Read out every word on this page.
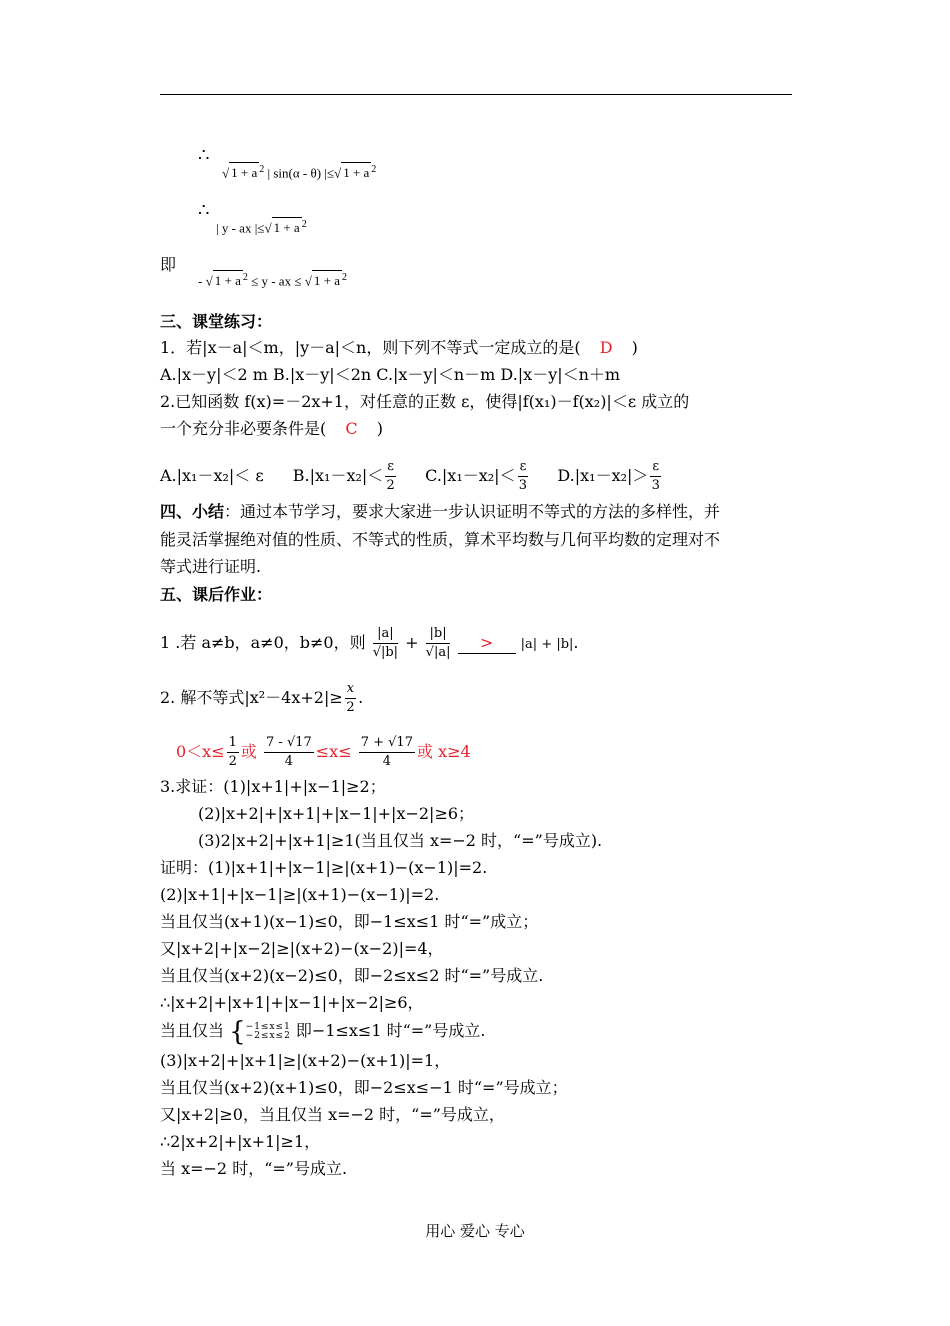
∴
√ 1 + a $^2$ | sin(α - θ) |≤√ 1 + a $^2$
∴
| y - ax |≤√ 1 + a $^2$
即
- √ 1 + a $^2$ ≤ y - ax ≤ √ 1 + a $^2$
三、课堂练习：
1．若|x－a|＜m，|y－a|＜n，则下列不等式一定成立的是( D )
A.|x－y|＜2 m B.|x－y|＜2n C.|x－y|＜n－m D.|x－y|＜n＋m
2.已知函数 f(x)=－2x+1，对任意的正数 ε，使得|f(x₁)－f(x₂)|＜ε 成立的
一个充分非必要条件是( C )
A.|x₁－x₂|＜ ε $B.|x_1-x_2|< \frac{\varepsilon}{2} C.|x_1-x_2|< \frac{\varepsilon}{3} D.|x_1-x_2|> \frac{\varepsilon}{3}$
四、小结：通过本节学习，要求大家进一步认识证明不等式的方法的多样性，并
能灵活掌握绝对值的性质、不等式的性质，算术平均数与几何平均数的定理对不
等式进行证明.
五、课后作业：
1 .若 a≠b，a≠0，b≠0，则 $\frac{|a|}{√|b|} + \frac{|b|}{√|a|} > |a| + |b|$.
2. 解不等式$|x^2-4x+2|\ge \frac{x}{2}$ .
$0<x\le \frac{1}{2}$ 或 $\frac{7 - √17}{4} \le x\le \frac{7 + √17}{4}$ 或 x≥4
3.求证：(1)|x+1|+|x−1|≥2；
(2)|x+2|+|x+1|+|x−1|+|x−2|≥6；
(3)2|x+2|+|x+1|≥1(当且仅当 x=−2 时，“=”号成立).
证明：(1)|x+1|+|x−1|≥|(x+1)−(x−1)|=2.
(2)|x+1|+|x−1|≥|(x+1)−(x−1)|=2.
当且仅当(x+1)(x−1)≤0，即−1≤x≤1 时“=”成立；
又|x+2|+|x−2|≥|(x+2)−(x−2)|=4，
当且仅当(x+2)(x−2)≤0，即−2≤x≤2 时“=”号成立.
∴|x+2|+|x+1|+|x−1|+|x−2|≥6，
当且仅当 { −1≤x≤1
−2≤x≤2 即−1≤x≤1 时“=”号成立.
(3)|x+2|+|x+1|≥|(x+2)−(x+1)|=1，
当且仅当(x+2)(x+1)≤0，即−2≤x≤−1 时“=”号成立；
又|x+2|≥0，当且仅当 x=−2 时，“=”号成立，
∴2|x+2|+|x+1|≥1，
当 x=−2 时，“=”号成立.
用心 爱心 专心
